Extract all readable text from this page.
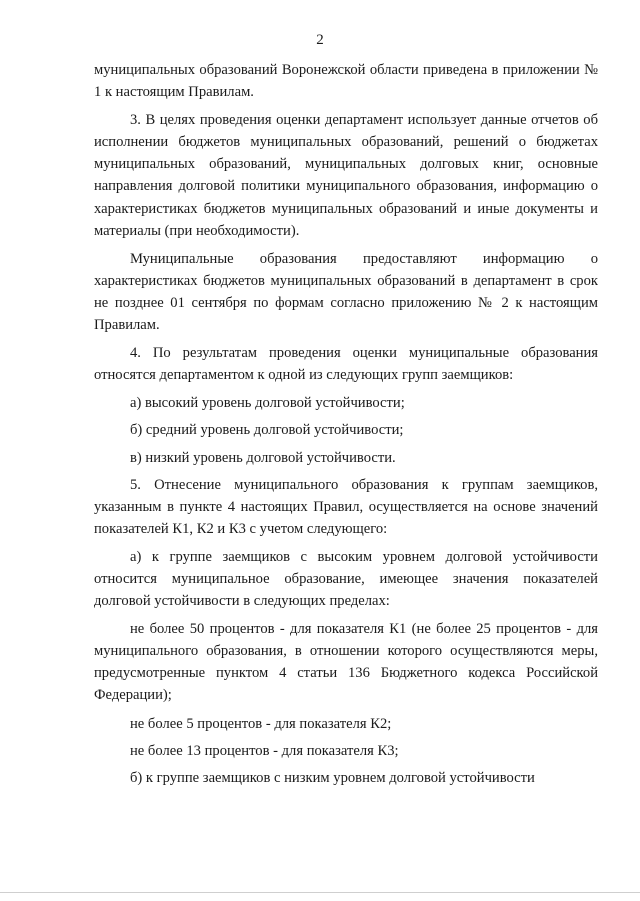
2

муниципальных образований Воронежской области приведена в приложении № 1 к настоящим Правилам.

3. В целях проведения оценки департамент использует данные отчетов об исполнении бюджетов муниципальных образований, решений о бюджетах муниципальных образований, муниципальных долговых книг, основные направления долговой политики муниципального образования, информацию о характеристиках бюджетов муниципальных образований и иные документы и материалы (при необходимости).

Муниципальные образования предоставляют информацию о характеристиках бюджетов муниципальных образований в департамент в срок не позднее 01 сентября по формам согласно приложению № 2 к настоящим Правилам.

4. По результатам проведения оценки муниципальные образования относятся департаментом к одной из следующих групп заемщиков:

а) высокий уровень долговой устойчивости;

б) средний уровень долговой устойчивости;

в) низкий уровень долговой устойчивости.

5. Отнесение муниципального образования к группам заемщиков, указанным в пункте 4 настоящих Правил, осуществляется на основе значений показателей К1, К2 и К3 с учетом следующего:

а) к группе заемщиков с высоким уровнем долговой устойчивости относится муниципальное образование, имеющее значения показателей долговой устойчивости в следующих пределах:

не более 50 процентов - для показателя К1 (не более 25 процентов - для муниципального образования, в отношении которого осуществляются меры, предусмотренные пунктом 4 статьи 136 Бюджетного кодекса Российской Федерации);

не более 5 процентов - для показателя К2;

не более 13 процентов - для показателя К3;

б) к группе заемщиков с низким уровнем долговой устойчивости
